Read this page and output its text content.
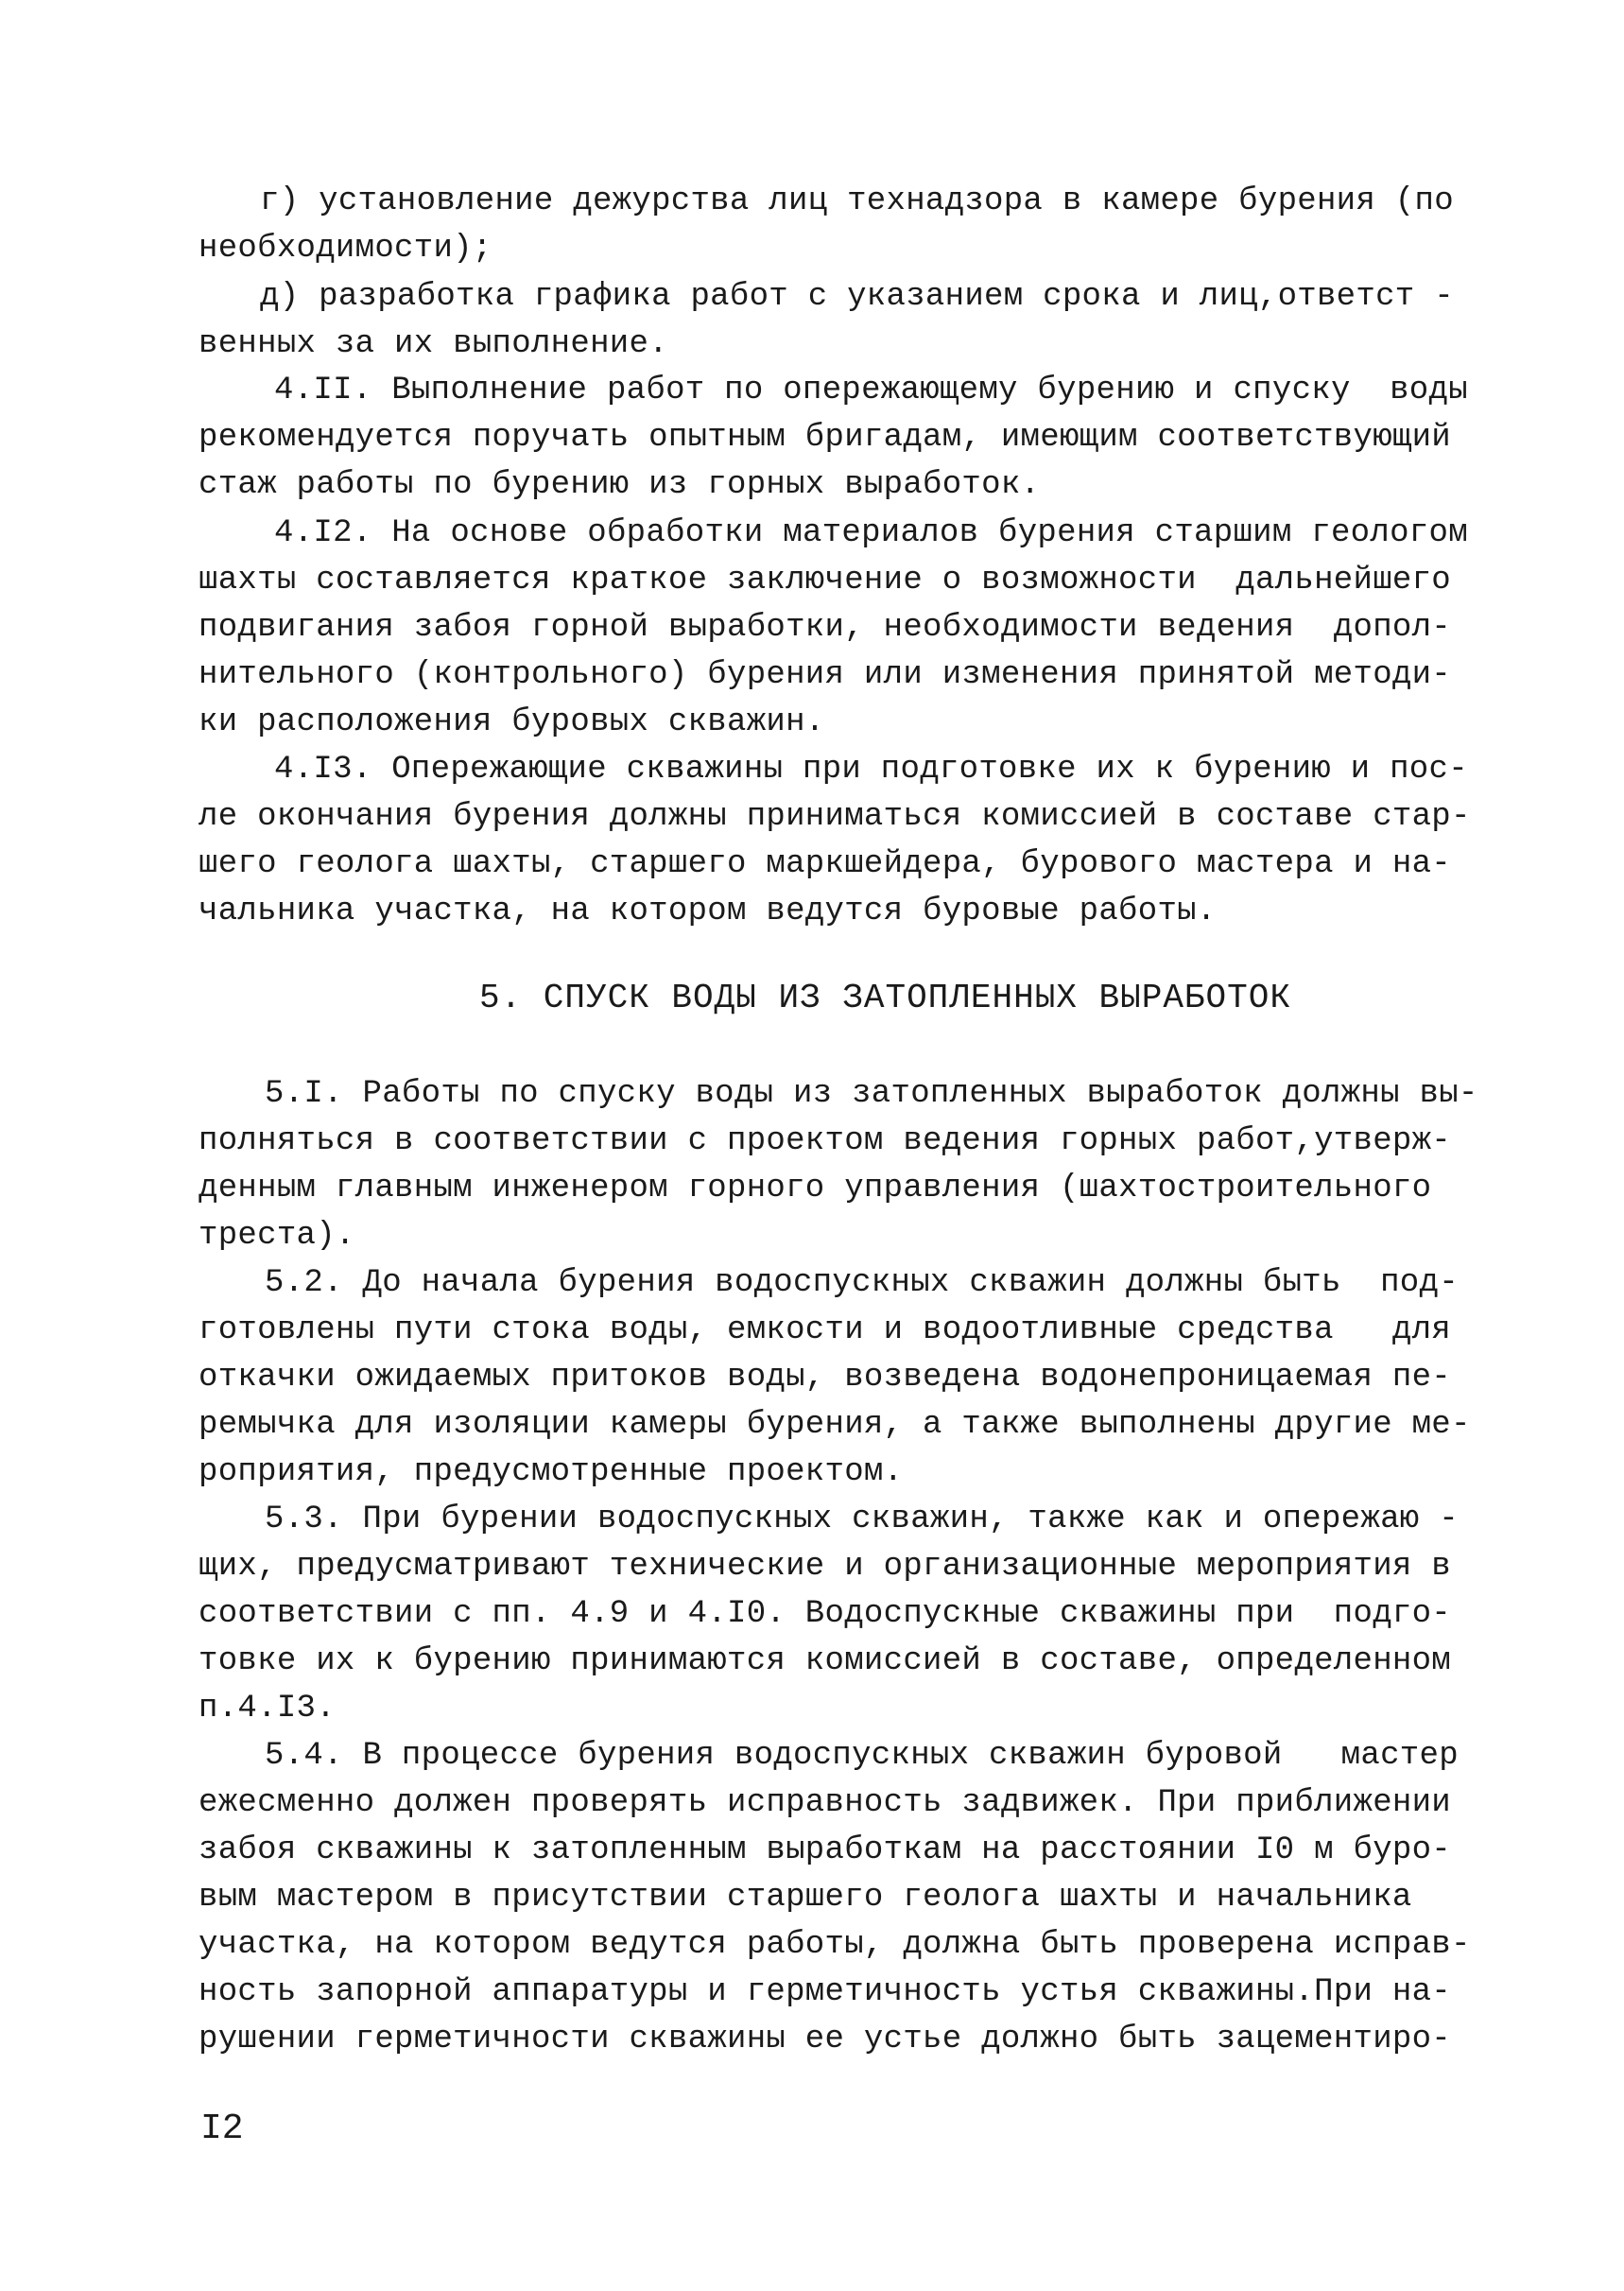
г) установление дежурства лиц технадзора в камере бурения (по
необходимости);
д) разработка графика работ с указанием срока и лиц,ответст -
венных за их выполнение.
4.II. Выполнение работ по опережающему бурению и спуску  воды
рекомендуется поручать опытным бригадам, имеющим соответствующий
стаж работы по бурению из горных выработок.
4.I2. На основе обработки материалов бурения старшим геологом
шахты составляется краткое заключение о возможности  дальнейшего
подвигания забоя горной выработки, необходимости ведения  допол-
нительного (контрольного) бурения или изменения принятой методи-
ки расположения буровых скважин.
4.I3. Опережающие скважины при подготовке их к бурению и пос-
ле окончания бурения должны приниматься комиссией в составе стар-
шего геолога шахты, старшего маркшейдера, бурового мастера и на-
чальника участка, на котором ведутся буровые работы.
5. СПУСК ВОДЫ ИЗ ЗАТОПЛЕННЫХ ВЫРАБОТОК
5.I. Работы по спуску воды из затопленных выработок должны вы-
полняться в соответствии с проектом ведения горных работ,утверж-
денным главным инженером горного управления (шахтостроительного
треста).
5.2. До начала бурения водоспускных скважин должны быть  под-
готовлены пути стока воды, емкости и водоотливные средства   для
откачки ожидаемых притоков воды, возведена водонепроницаемая пе-
ремычка для изоляции камеры бурения, а также выполнены другие ме-
роприятия, предусмотренные проектом.
5.3. При бурении водоспускных скважин, также как и опережаю -
щих, предусматривают технические и организационные мероприятия в
соответствии с пп. 4.9 и 4.I0. Водоспускные скважины при  подго-
товке их к бурению принимаются комиссией в составе, определенном
п.4.I3.
5.4. В процессе бурения водоспускных скважин буровой   мастер
ежесменно должен проверять исправность задвижек. При приближении
забоя скважины к затопленным выработкам на расстоянии I0 м буро-
вым мастером в присутствии старшего геолога шахты и начальника
участка, на котором ведутся работы, должна быть проверена исправ-
ность запорной аппаратуры и герметичность устья скважины.При на-
рушении герметичности скважины ее устье должно быть зацементиро-
I2
